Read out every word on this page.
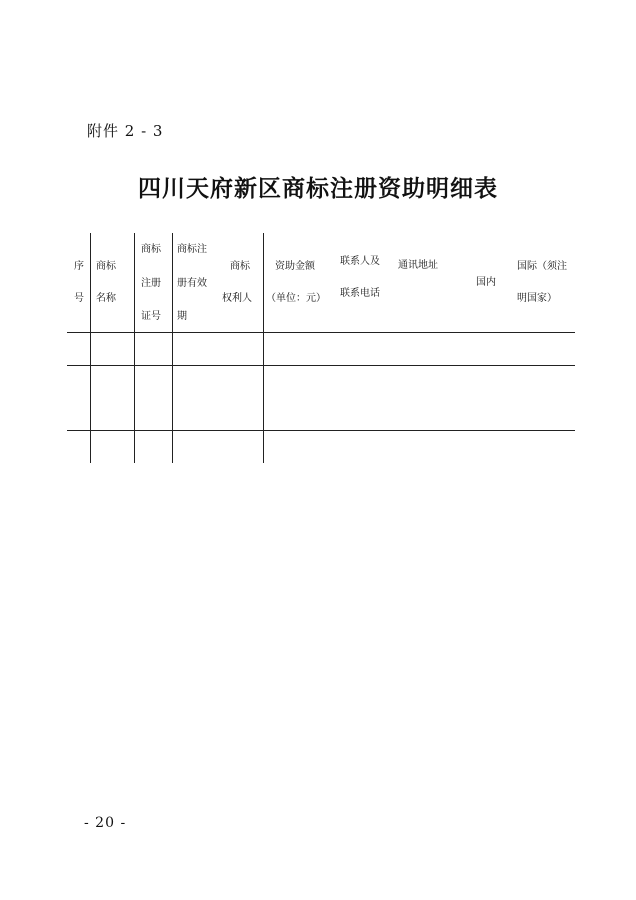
附件 2 - 3
四川天府新区商标注册资助明细表
序
号
商标
名称
商标
注册
证号
商标注
册有效
期
商标
权利人
资助金额
（单位：元）
联系人及
联系电话
通讯地址
国内
国际（须注
明国家）
- 20 -
